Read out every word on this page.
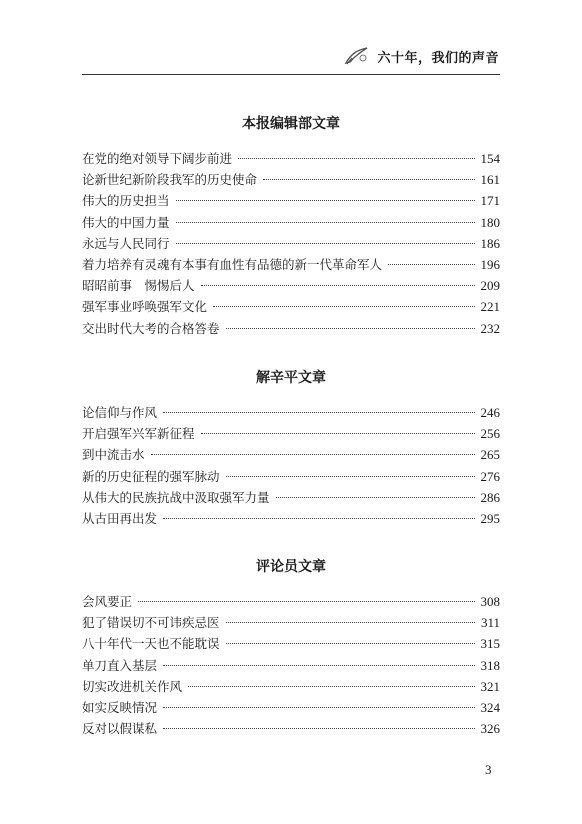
六十年，我们的声音
本报编辑部文章
在党的绝对领导下阔步前进	154
论新世纪新阶段我军的历史使命	161
伟大的历史担当	171
伟大的中国力量	180
永远与人民同行	186
着力培养有灵魂有本事有血性有品德的新一代革命军人	196
昭昭前事　惕惕后人	209
强军事业呼唤强军文化	221
交出时代大考的合格答卷	232
解辛平文章
论信仰与作风	246
开启强军兴军新征程	256
到中流击水	265
新的历史征程的强军脉动	276
从伟大的民族抗战中汲取强军力量	286
从古田再出发	295
评论员文章
会风要正	308
犯了错误切不可讳疾忌医	311
八十年代一天也不能耽误	315
单刀直入基层	318
切实改进机关作风	321
如实反映情况	324
反对以假谋私	326
3
